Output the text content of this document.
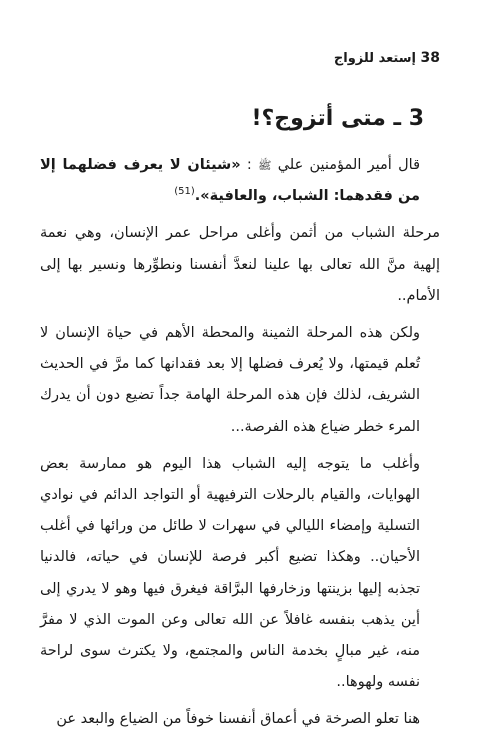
38 إستعد للزواج
3 ـ متى أتزوج؟!

قال أمير المؤمنين علي ﷺ : «شيئان لا يعرف فضلهما إلا من فقدهما: الشباب، والعافية».$^{(51)}$

مرحلة الشباب من أثمن وأغلى مراحل عمر الإنسان، وهي نعمة إلهية منَّ الله تعالى بها علينا لنعدَّ أنفسنا ونطوِّرها ونسير بها إلى الأمام..

ولكن هذه المرحلة الثمينة والمحطة الأهم في حياة الإنسان لا تُعلم قيمتها، ولا يُعرف فضلها إلا بعد فقدانها كما مرَّ في الحديث الشريف، لذلك فإن هذه المرحلة الهامة جداً تضيع دون أن يدرك المرء خطر ضياع هذه الفرصة...

وأغلب ما يتوجه إليه الشباب هذا اليوم هو ممارسة بعض الهوايات، والقيام بالرحلات الترفيهية أو التواجد الدائم في نوادي التسلية وإمضاء الليالي في سهرات لا طائل من ورائها في أغلب الأحيان.. وهكذا تضيع أكبر فرصة للإنسان في حياته، فالدنيا تجذبه إليها بزينتها وزخارفها البرَّاقة فيغرق فيها وهو لا يدري إلى أين يذهب بنفسه غافلاً عن الله تعالى وعن الموت الذي لا مفرَّ منه، غير مبالٍ بخدمة الناس والمجتمع، ولا يكترث سوى لراحة نفسه ولهوها..

هنا تعلو الصرخة في أعماق أنفسنا خوفاً من الضياع والبعد عن
